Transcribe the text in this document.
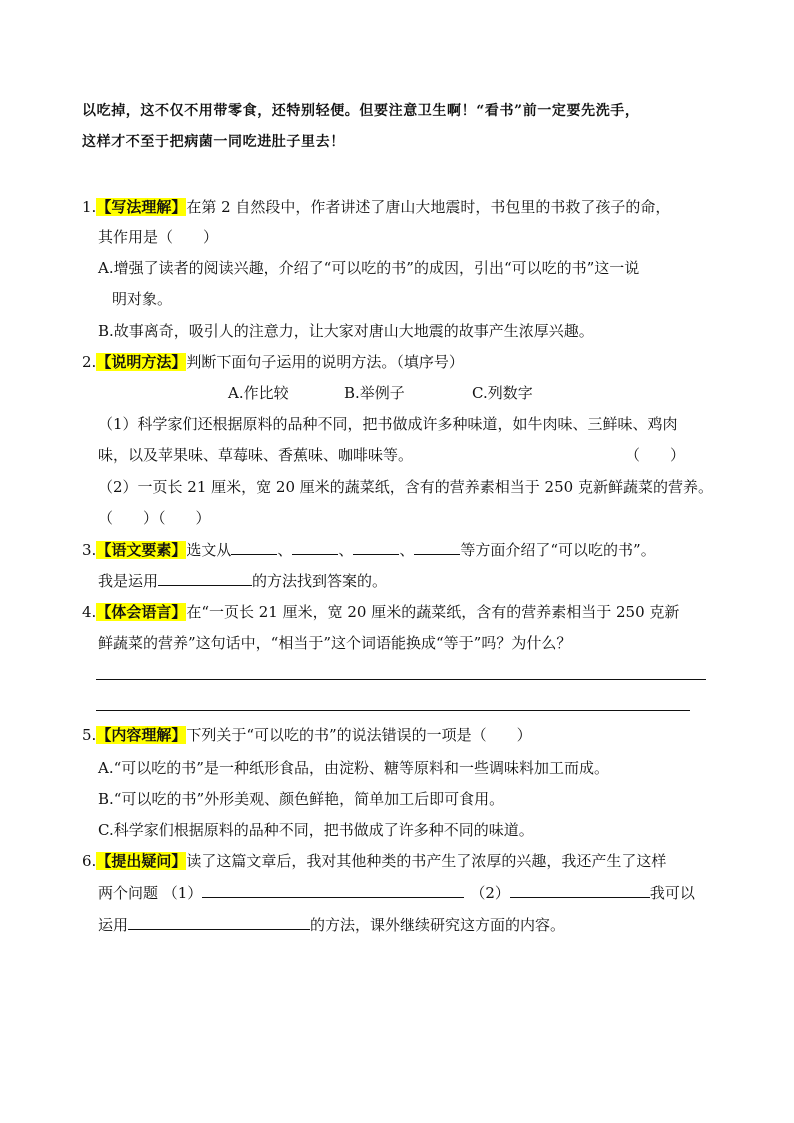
以吃掉，这不仅不用带零食，还特别轻便。但要注意卫生啊！“看书”前一定要先洗手，
这样才不至于把病菌一同吃进肚子里去！
1.【写法理解】在第 2 自然段中，作者讲述了唐山大地震时，书包里的书救了孩子的命，
其作用是（　　）
A.增强了读者的阅读兴趣，介绍了“可以吃的书”的成因，引出“可以吃的书”这一说
明对象。
B.故事离奇，吸引人的注意力，让大家对唐山大地震的故事产生浓厚兴趣。
2.【说明方法】判断下面句子运用的说明方法。（填序号）
A.作比较	B.举例子	C.列数字
（1）科学家们还根据原料的品种不同，把书做成许多种味道，如牛肉味、三鲜味、鸡肉
味，以及苹果味、草莓味、香蕉味、咖啡味等。	（　　）
（2）一页长 21 厘米，宽 20 厘米的蔬菜纸，含有的营养素相当于 250 克新鲜蔬菜的营养。
（　　）（　　）
3.【语文要素】选文从	、	、	、	等方面介绍了“可以吃的书”。
我是运用	的方法找到答案的。
4.【体会语言】在“一页长 21 厘米，宽 20 厘米的蔬菜纸，含有的营养素相当于 250 克新
鲜蔬菜的营养”这句话中，“相当于”这个词语能换成“等于”吗？为什么？
5.【内容理解】下列关于“可以吃的书”的说法错误的一项是（　　）
A.“可以吃的书”是一种纸形食品，由淀粉、糖等原料和一些调味料加工而成。
B.“可以吃的书”外形美观、颜色鲜艳，简单加工后即可食用。
C.科学家们根据原料的品种不同，把书做成了许多种不同的味道。
6.【提出疑问】读了这篇文章后，我对其他种类的书产生了浓厚的兴趣，我还产生了这样
两个问题 （1）	（2）	我可以
运用	的方法，课外继续研究这方面的内容。
